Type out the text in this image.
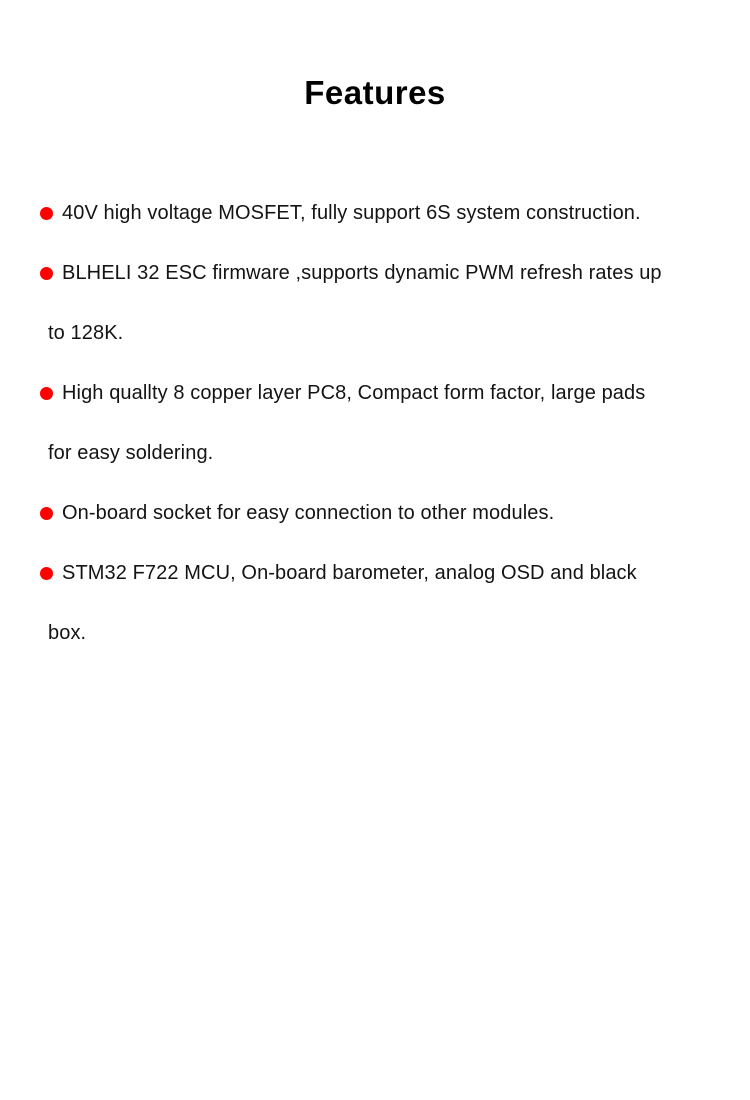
Features
40V high voltage MOSFET, fully support 6S system construction.
BLHELI 32 ESC firmware ,supports dynamic PWM refresh rates up
to 128K.
High quallty 8 copper layer PC8, Compact form factor, large pads
for easy soldering.
On-board socket for easy connection to other modules.
STM32 F722 MCU, On-board barometer, analog OSD and black
box.
